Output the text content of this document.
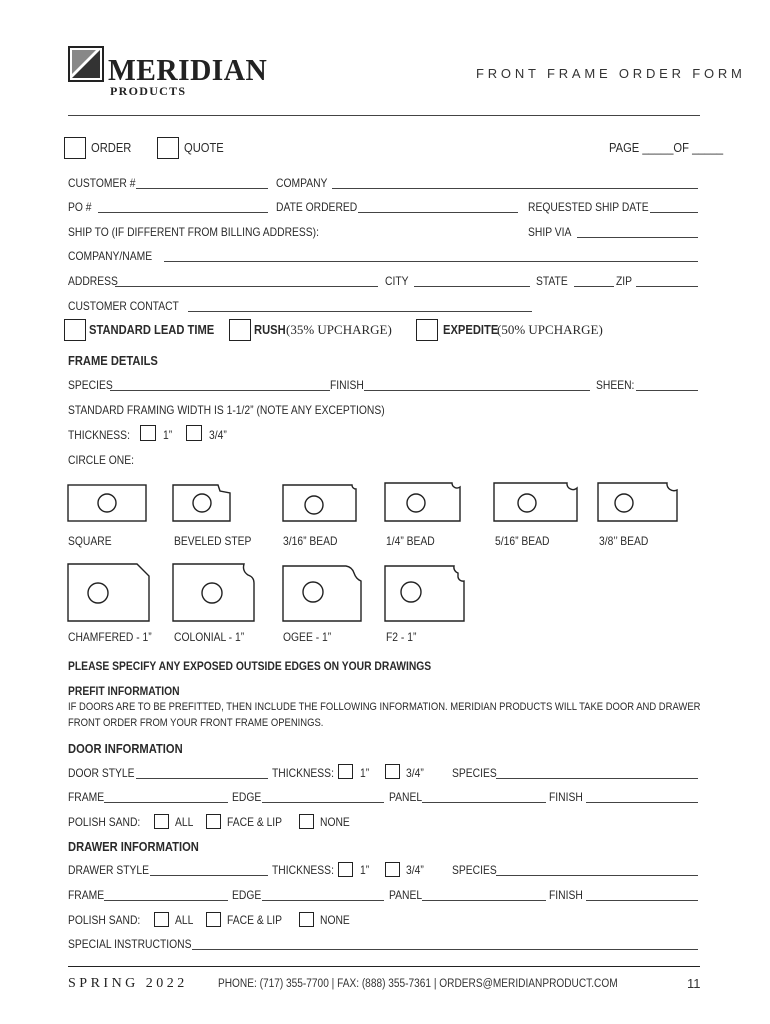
MERIDIAN
PRODUCTS
FRONT FRAME ORDER FORM
ORDER	QUOTE	PAGE _____OF _____
CUSTOMER #	COMPANY
PO #	DATE ORDERED	REQUESTED SHIP DATE
SHIP TO (IF DIFFERENT FROM BILLING ADDRESS):	SHIP VIA
COMPANY/NAME
ADDRESS	CITY	STATE	ZIP
CUSTOMER CONTACT
STANDARD LEAD TIME	RUSH (35% UPCHARGE)	EXPEDITE
(50% UPCHARGE)
FRAME DETAILS
SPECIES	FINISH	SHEEN:
STANDARD FRAMING WIDTH IS 1-1/2” (NOTE ANY EXCEPTIONS)
THICKNESS:	1”	3/4”
CIRCLE ONE:
SQUARE	BEVELED STEP	3/16” BEAD	1/4” BEAD	5/16” BEAD	3/8’’ BEAD
CHAMFERED - 1” COLONIAL - 1”	OGEE - 1”	F2 - 1”
PLEASE SPECIFY ANY EXPOSED OUTSIDE EDGES ON YOUR DRAWINGS
PREFIT INFORMATION
IF DOORS ARE TO BE PREFITTED, THEN INCLUDE THE FOLLOWING INFORMATION. MERIDIAN PRODUCTS WILL TAKE DOOR AND DRAWER
FRONT ORDER FROM YOUR FRONT FRAME OPENINGS.
DOOR INFORMATION
DOOR STYLE	THICKNESS: 1”	3/4” SPECIES
FRAME	EDGE	PANEL	FINISH
POLISH SAND:	ALL	FACE & LIP	NONE
DRAWER INFORMATION
DRAWER STYLE	THICKNESS: 1”	3/4” SPECIES
FRAME	EDGE	PANEL	FINISH
POLISH SAND:	ALL	FACE & LIP	NONE
SPECIAL INSTRUCTIONS
SPRING 2022	PHONE: (717) 355-7700 | FAX: (888) 355-7361 | ORDERS@MERIDIANPRODUCT.COM	11
